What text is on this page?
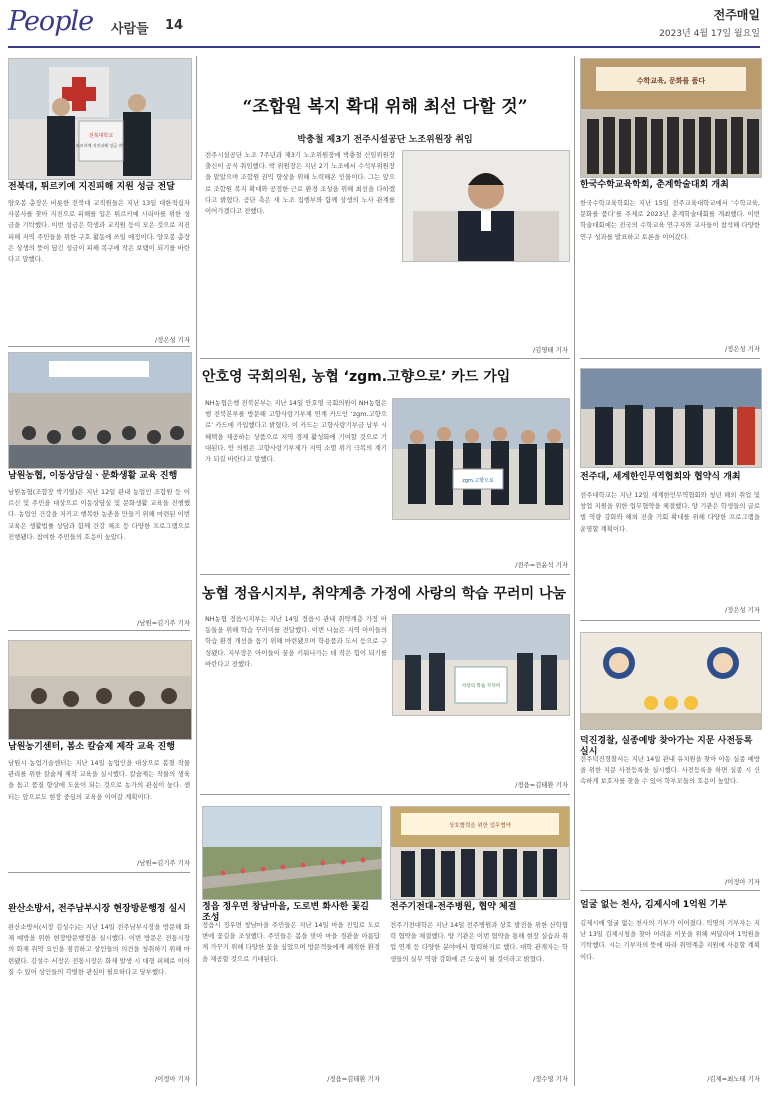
People 사람들 14
전주매일
2023년 4월 17일 월요일
전북대학교
튀르키예 지진피해 성금 전달
전북대, 튀르키예 지진피해 지원 성금 전달
양오봉 총장은 비롯한 전북대 교직원들은 지난 13일 대한적십자 사봉사를 찾아 지진으로 피해를 입은 튀르키예 시리아를 위한 성금을 기탁했다. 이번 성금은 학생과 교직원 등이 모은 것으로 지진 피해 지역 주민들을 위한 구호 활동에 쓰일 예정이다. 양오봉 총장은 상생의 뜻이 담긴 성금이 피해 복구에 작은 보탬이 되기를 바란다고 말했다.
/정은성 기자
남원농협, 이동상담실ㆍ문화생활 교육 진행
남원농협(조합장 박기열)은 지난 12일 관내 농업인 조합원 등 어르신 및 주민을 대상으로 이동상담실 및 문화생활 교육을 진행했다. 농업인 건강을 지키고 행복한 농촌을 만들기 위해 마련된 이번 교육은 생활법률 상담과 함께 건강 체조 등 다양한 프로그램으로 진행됐다. 참여한 주민들의 호응이 높았다.
/남원=김기주 기자
남원농기센터, 봄소 칼슘제 제작 교육 진행
남원시 농업기술센터는 지난 14일 농업인을 대상으로 봄철 작물 관리를 위한 칼슘제 제작 교육을 실시했다. 칼슘제는 작물의 생육을 돕고 품질 향상에 도움이 되는 것으로 농가의 관심이 높다. 센터는 앞으로도 현장 중심의 교육을 이어갈 계획이다.
/남원=김기주 기자
완산소방서, 전주남부시장 현장방문행정 실시
완산소방서(서장 김성수)는 지난 14일 전주남부시장을 방문해 화재 예방을 위한 현장방문행정을 실시했다. 이번 방문은 전통시장의 화재 취약 요인을 점검하고 상인들의 의견을 청취하기 위해 마련됐다. 김성수 서장은 전통시장은 화재 발생 시 대형 피해로 이어질 수 있어 상인들의 각별한 관심이 필요하다고 당부했다.
/이정아 기자
“조합원 복지 확대 위해 최선 다할 것”
박충철 제3기 전주시설공단 노조위원장 취임
전주시설공단 노조 7주년과 제3기 노조위원장에 박충철 신임위원장 출신이 공식 취임했다. 박 위원장은 지난 2기 노조에서 수석부위원장을 맡았으며 조합원 권익 향상을 위해 노력해온 인물이다. 그는 앞으로 조합원 복지 확대와 공정한 근로 환경 조성을 위해 최선을 다하겠다고 밝혔다. 공단 측은 새 노조 집행부와 함께 상생의 노사 관계를 이어가겠다고 전했다.
/김영태 기자
안호영 국회의원, 농협 ‘zgm.고향으로’ 카드 가입
NH농협은행 전북본부는 지난 14일 안호영 국회의원이 NH농협은행 전북본부를 방문해 고향사랑기부제 연계 카드인 ‘zgm.고향으로’ 카드에 가입했다고 밝혔다. 이 카드는 고향사랑기부금 납부 시 혜택을 제공하는 상품으로 지역 경제 활성화에 기여할 것으로 기대된다. 안 의원은 고향사랑기부제가 지역 소멸 위기 극복의 계기가 되길 바란다고 말했다.
zgm.고향으로
/전주=전윤석 기자
농협 정읍시지부, 취약계층 가정에 사랑의 학습 꾸러미 나눔
NH농협 정읍시지부는 지난 14일 정읍시 관내 취약계층 가정 아동들을 위해 학습 꾸러미를 전달했다. 이번 나눔은 지역 아이들의 학습 환경 개선을 돕기 위해 마련됐으며 학용품과 도서 등으로 구성됐다. 지부장은 아이들이 꿈을 키워나가는 데 작은 힘이 되기를 바란다고 전했다.
사랑의 학습 꾸러미
/정읍=김태환 기자
정읍 정우면 창남마을, 도로변 화사한 꽃길 조성
정읍시 정우면 창남마을 주민들은 지난 14일 마을 진입로 도로변에 꽃길을 조성했다. 주민들은 봄을 맞아 마을 경관을 아름답게 가꾸기 위해 다양한 꽃을 심었으며 방문객들에게 쾌적한 환경을 제공할 것으로 기대된다.
/정읍=김태환 기자
상호협력을 위한 업무협약
전주기전대-전주병원, 협약 체결
전주기전대학은 지난 14일 전주병원과 상호 발전을 위한 산학협력 협약을 체결했다. 양 기관은 이번 협약을 통해 현장 실습과 취업 연계 등 다양한 분야에서 협력하기로 했다. 대학 관계자는 학생들의 실무 역량 강화에 큰 도움이 될 것이라고 밝혔다.
/정수영 기자
수학교육, 문화를 품다
한국수학교육학회, 춘계학술대회 개최
한국수학교육학회는 지난 15일 전주교육대학교에서 ‘수학교육, 문화를 품다’를 주제로 2023년 춘계학술대회를 개최했다. 이번 학술대회에는 전국의 수학교육 연구자와 교사들이 참석해 다양한 연구 성과를 발표하고 토론을 이어갔다.
/정은성 기자
전주대, 세계한인무역협회와 협약식 개최
전주대학교는 지난 12일 세계한인무역협회와 청년 해외 취업 및 창업 지원을 위한 업무협약을 체결했다. 양 기관은 학생들의 글로벌 역량 강화와 해외 진출 기회 확대를 위해 다양한 프로그램을 운영할 계획이다.
/정은성 기자
덕진경찰, 실종예방 찾아가는 지문 사전등록 실시
전주덕진경찰서는 지난 14일 관내 유치원을 찾아 아동 실종 예방을 위한 지문 사전등록을 실시했다. 사전등록을 하면 실종 시 신속하게 보호자를 찾을 수 있어 학부모들의 호응이 높았다.
/이정아 기자
얼굴 없는 천사, 김제시에 1억원 기부
김제시에 얼굴 없는 천사의 기부가 이어졌다. 익명의 기부자는 지난 13일 김제시청을 찾아 어려운 이웃을 위해 써달라며 1억원을 기탁했다. 시는 기부자의 뜻에 따라 취약계층 지원에 사용할 계획이다.
/김제=최노태 기자
